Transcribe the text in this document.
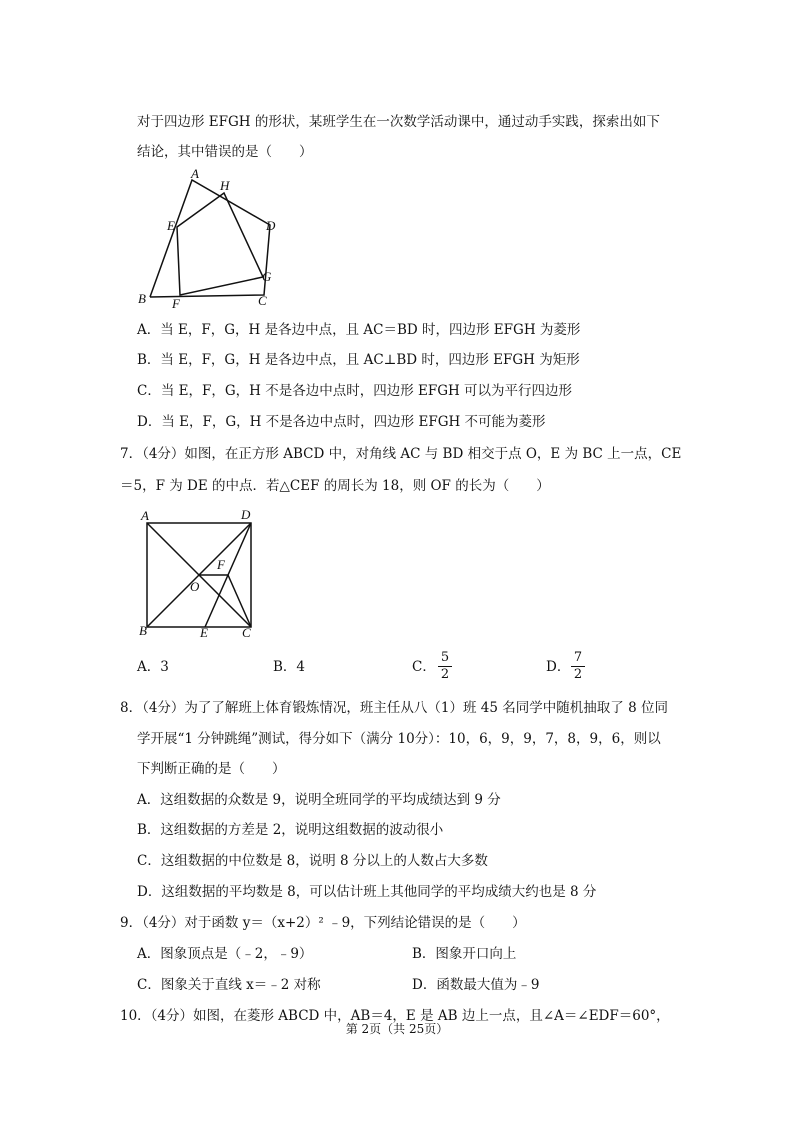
对于四边形 EFGH 的形状，某班学生在一次数学活动课中，通过动手实践，探索出如下
结论，其中错误的是（　　）
A
H
E	D
G
B F	C
A．当 E，F，G，H 是各边中点，且 AC＝BD 时，四边形 EFGH 为菱形
B．当 E，F，G，H 是各边中点，且 AC⊥BD 时，四边形 EFGH 为矩形
C．当 E，F，G，H 不是各边中点时，四边形 EFGH 可以为平行四边形
D．当 E，F，G，H 不是各边中点时，四边形 EFGH 不可能为菱形
7．（4分）如图，在正方形 ABCD 中，对角线 AC 与 BD 相交于点 O，E 为 BC 上一点，CE
＝5，F 为 DE 的中点．若△CEF 的周长为 18，则 OF 的长为（　　）
A	D
F
O
B	E	C
A．3	B．4	C．
5
2	D．
7
2
8．（4分）为了了解班上体育锻炼情况，班主任从八（1）班 45 名同学中随机抽取了 8 位同
学开展“1 分钟跳绳”测试，得分如下（满分 10分）：10，6，9，9，7，8，9，6，则以
下判断正确的是（　　）
A．这组数据的众数是 9，说明全班同学的平均成绩达到 9 分
B．这组数据的方差是 2，说明这组数据的波动很小
C．这组数据的中位数是 8，说明 8 分以上的人数占大多数
D．这组数据的平均数是 8，可以估计班上其他同学的平均成绩大约也是 8 分
9．（4分）对于函数 y＝（x+2）² ﹣9，下列结论错误的是（　　）
A．图象顶点是（﹣2，﹣9）	B．图象开口向上
C．图象关于直线 x＝﹣2 对称	D．函数最大值为﹣9
10．（4分）如图，在菱形 ABCD 中，AB＝4，E 是 AB 边上一点，且∠A＝∠EDF＝60°，
第 2页（共 25页）
